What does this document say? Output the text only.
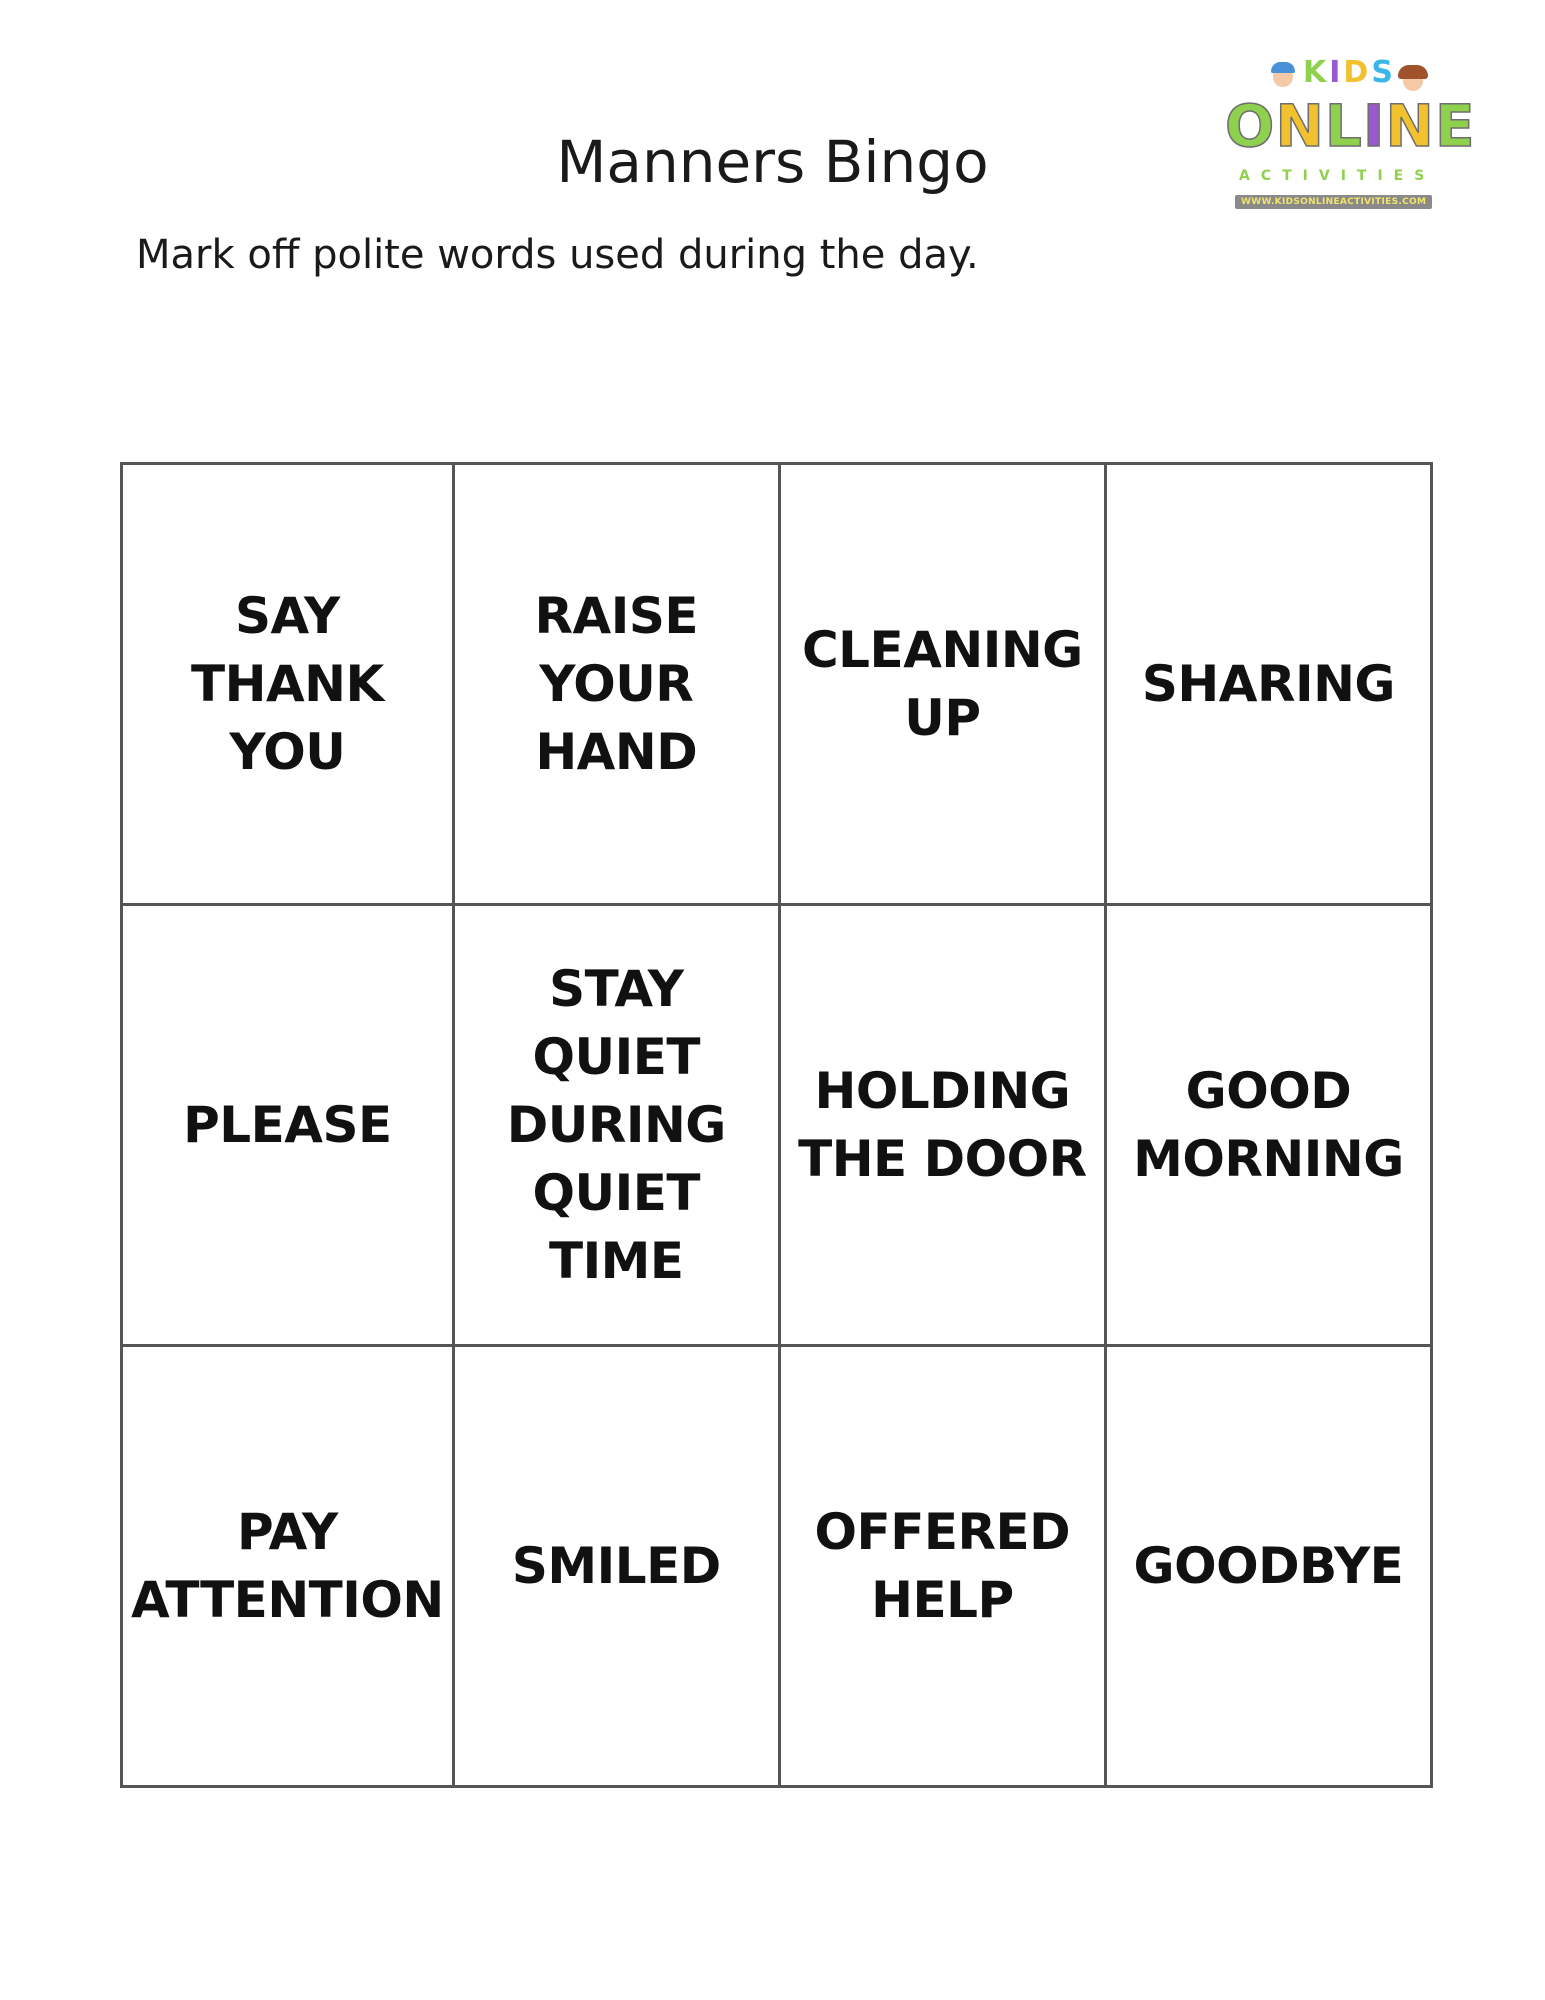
KIDS
ONLINE
ACTIVITIES
WWW.KIDSONLINEACTIVITIES.COM
Manners Bingo
Mark off polite words used during the day.
SAY THANK
YOU
RAISE
YOUR HAND
CLEANING
UP
SHARING
PLEASE
STAY QUIET
DURING
QUIET TIME
HOLDING
THE DOOR
GOOD
MORNING
PAY
ATTENTION
SMILED
OFFERED
HELP
GOODBYE
